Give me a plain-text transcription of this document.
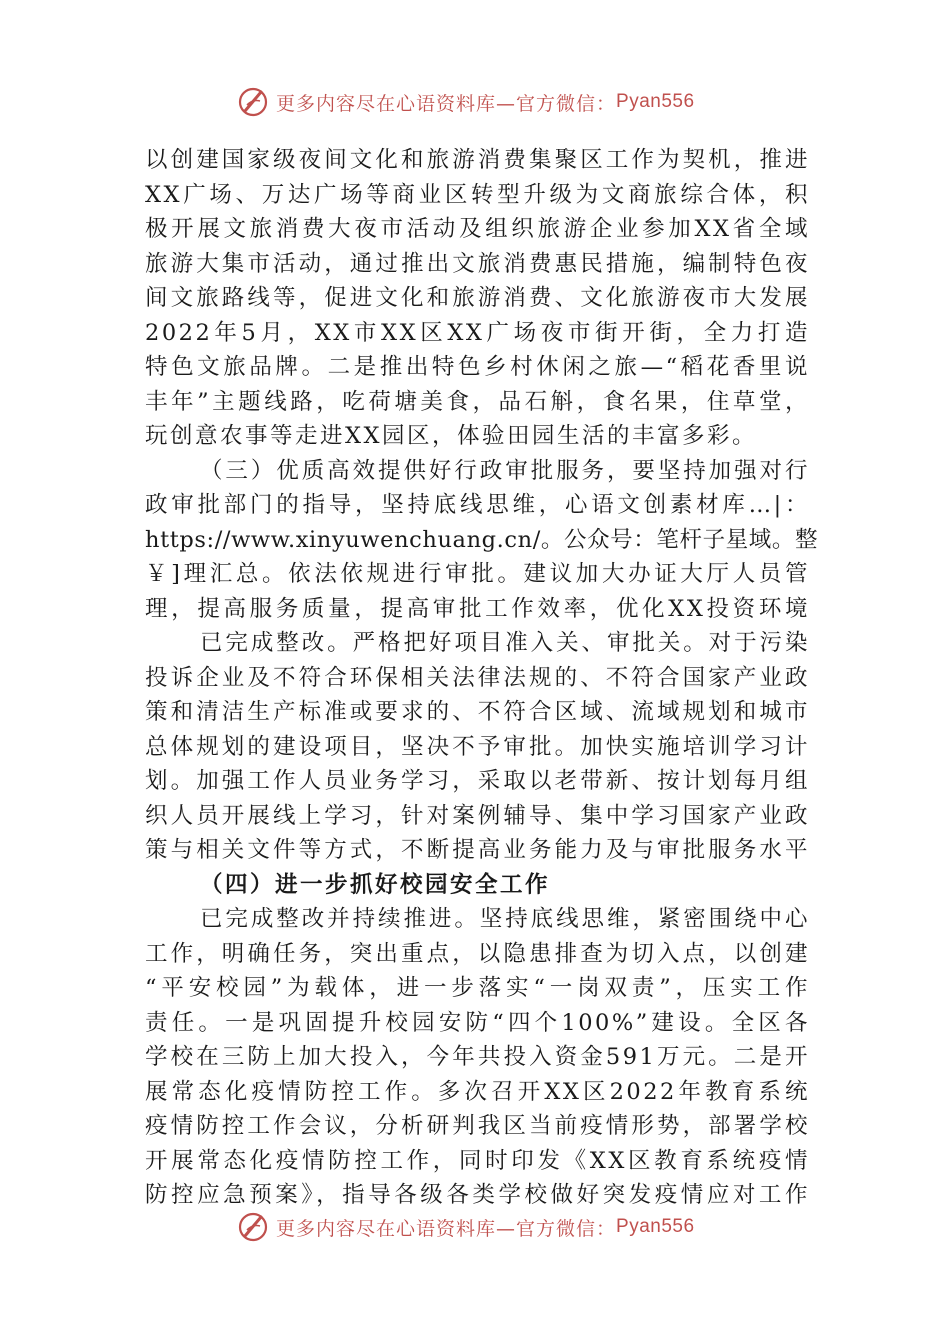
更多内容尽在心语资料库—官方微信： Pyan556
以创建国家级夜间文化和旅游消费集聚区工作为契机，推进
XX广场、万达广场等商业区转型升级为文商旅综合体，积
极开展文旅消费大夜市活动及组织旅游企业参加XX省全域
旅游大集市活动，通过推出文旅消费惠民措施，编制特色夜
间文旅路线等，促进文化和旅游消费、文化旅游夜市大发展
2022年5月，XX市XX区XX广场夜市街开街，全力打造
特色文旅品牌。二是推出特色乡村休闲之旅—“稻花香里说
丰年”主题线路，吃荷塘美食，品石斛，食名果，住草堂，
玩创意农事等走进XX园区，体验田园生活的丰富多彩。
（三）优质高效提供好行政审批服务，要坚持加强对行
政审批部门的指导，坚持底线思维，心语文创素材库…|：
https://www.xinyuwenchuang.cn/。公众号：笔杆子星域。整
￥]理汇总。依法依规进行审批。建议加大办证大厅人员管
理，提高服务质量，提高审批工作效率，优化XX投资环境
已完成整改。严格把好项目准入关、审批关。对于污染
投诉企业及不符合环保相关法律法规的、不符合国家产业政
策和清洁生产标准或要求的、不符合区域、流域规划和城市
总体规划的建设项目，坚决不予审批。加快实施培训学习计
划。加强工作人员业务学习，采取以老带新、按计划每月组
织人员开展线上学习，针对案例辅导、集中学习国家产业政
策与相关文件等方式，不断提高业务能力及与审批服务水平
（四）进一步抓好校园安全工作
已完成整改并持续推进。坚持底线思维，紧密围绕中心
工作，明确任务，突出重点，以隐患排查为切入点，以创建
“平安校园”为载体，进一步落实“一岗双责”，压实工作
责任。一是巩固提升校园安防“四个100%”建设。全区各
学校在三防上加大投入，今年共投入资金591万元。二是开
展常态化疫情防控工作。多次召开XX区2022年教育系统
疫情防控工作会议，分析研判我区当前疫情形势，部署学校
开展常态化疫情防控工作，同时印发《XX区教育系统疫情
防控应急预案》，指导各级各类学校做好突发疫情应对工作
更多内容尽在心语资料库—官方微信： Pyan556
